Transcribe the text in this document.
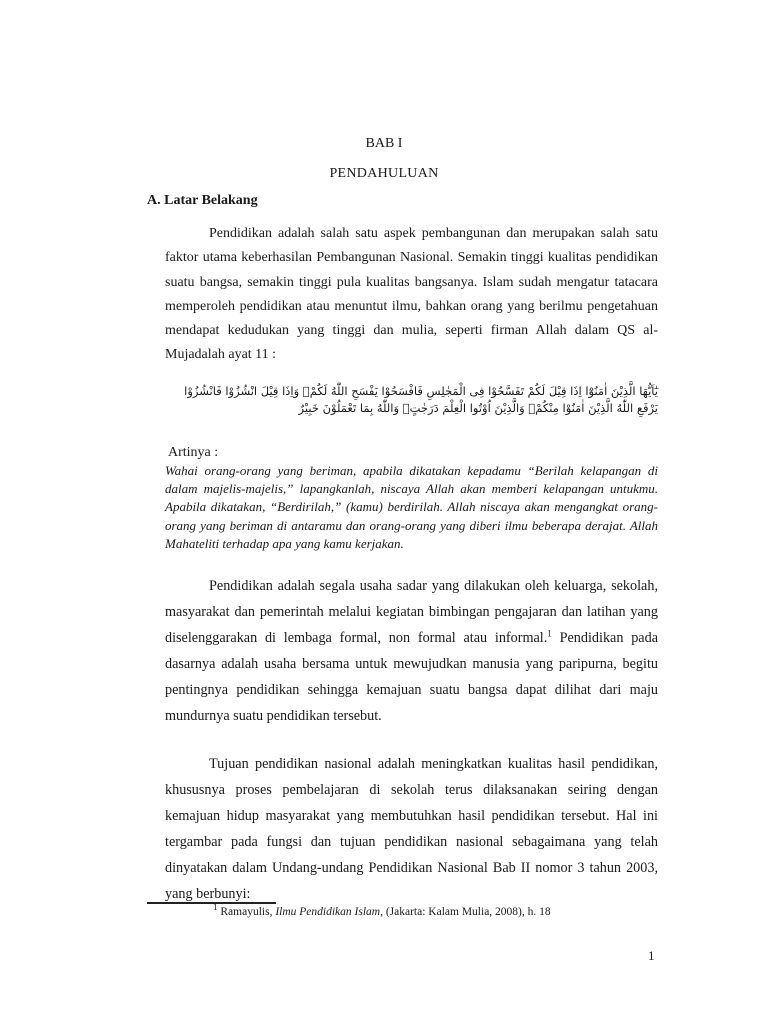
BAB I
PENDAHULUAN
A. Latar Belakang

Pendidikan adalah salah satu aspek pembangunan dan merupakan salah satu faktor utama keberhasilan Pembangunan Nasional. Semakin tinggi kualitas pendidikan suatu bangsa, semakin tinggi pula kualitas bangsanya. Islam sudah mengatur tatacara memperoleh pendidikan atau menuntut ilmu, bahkan orang yang berilmu pengetahuan mendapat kedudukan yang tinggi dan mulia, seperti firman Allah dalam QS al-Mujadalah ayat 11 :

يٰٓاَيُّهَا الَّذِيْنَ اٰمَنُوْٓا اِذَا قِيْلَ لَكُمْ تَفَسَّحُوْا فِى الْمَجٰلِسِ فَافْسَحُوْا يَفْسَحِ اللّٰهُ لَكُمْۚ وَاِذَا قِيْلَ انْشُزُوْا فَانْشُزُوْا يَرْفَعِ اللّٰهُ الَّذِيْنَ اٰمَنُوْا مِنْكُمْۙ وَالَّذِيْنَ اُوْتُوا الْعِلْمَ دَرَجٰتٍۗ وَاللّٰهُ بِمَا تَعْمَلُوْنَ خَبِيْرٌ

Artinya :

Wahai orang-orang yang beriman, apabila dikatakan kepadamu “Berilah kelapangan di dalam majelis-majelis,” lapangkanlah, niscaya Allah akan memberi kelapangan untukmu. Apabila dikatakan, “Berdirilah,” (kamu) berdirilah. Allah niscaya akan mengangkat orang-orang yang beriman di antaramu dan orang-orang yang diberi ilmu beberapa derajat. Allah Mahateliti terhadap apa yang kamu kerjakan.

Pendidikan adalah segala usaha sadar yang dilakukan oleh keluarga, sekolah, masyarakat dan pemerintah melalui kegiatan bimbingan pengajaran dan latihan yang diselenggarakan di lembaga formal, non formal atau informal.$^1$ Pendidikan pada dasarnya adalah usaha bersama untuk mewujudkan manusia yang paripurna, begitu pentingnya pendidikan sehingga kemajuan suatu bangsa dapat dilihat dari maju mundurnya suatu pendidikan tersebut.

Tujuan pendidikan nasional adalah meningkatkan kualitas hasil pendidikan, khususnya proses pembelajaran di sekolah terus dilaksanakan seiring dengan kemajuan hidup masyarakat yang membutuhkan hasil pendidikan tersebut. Hal ini tergambar pada fungsi dan tujuan pendidikan nasional sebagaimana yang telah dinyatakan dalam Undang-undang Pendidikan Nasional Bab II nomor 3 tahun 2003, yang berbunyi:

$^1$ Ramayulis, Ilmu Pendidikan Islam, (Jakarta: Kalam Mulia, 2008), h. 18
1
